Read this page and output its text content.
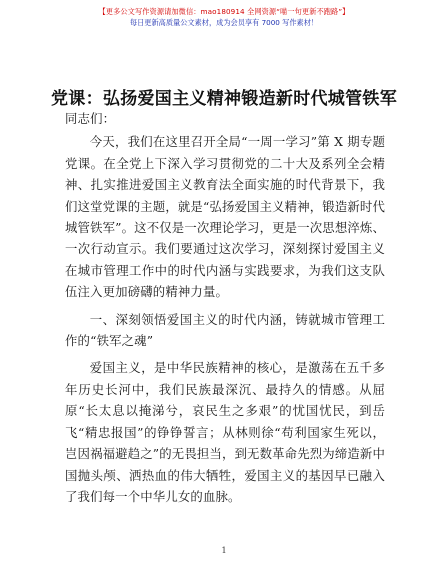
【更多公文写作资源请加微信：mao180914 全网资源“喵一句更新不跑路”】
每日更新高质量公文素材，成为会员享有 7000 写作素材！
党课：弘扬爱国主义精神锻造新时代城管铁军

同志们：

今天，我们在这里召开全局“一周一学习”第 X 期专题党课。在全党上下深入学习贯彻党的二十大及系列全会精神、扎实推进爱国主义教育法全面实施的时代背景下，我们这堂党课的主题，就是“弘扬爱国主义精神，锻造新时代城管铁军”。这不仅是一次理论学习，更是一次思想淬炼、一次行动宣示。我们要通过这次学习，深刻探讨爱国主义在城市管理工作中的时代内涵与实践要求，为我们这支队伍注入更加磅礴的精神力量。

一、深刻领悟爱国主义的时代内涵，铸就城市管理工作的“铁军之魂”

爱国主义，是中华民族精神的核心，是激荡在五千多年历史长河中，我们民族最深沉、最持久的情感。从屈原“长太息以掩涕兮，哀民生之多艰”的忧国忧民，到岳飞“精忠报国”的铮铮誓言；从林则徐“苟利国家生死以，岂因祸福避趋之”的无畏担当，到无数革命先烈为缔造新中国抛头颅、洒热血的伟大牺牲，爱国主义的基因早已融入了我们每一个中华儿女的血脉。

1
